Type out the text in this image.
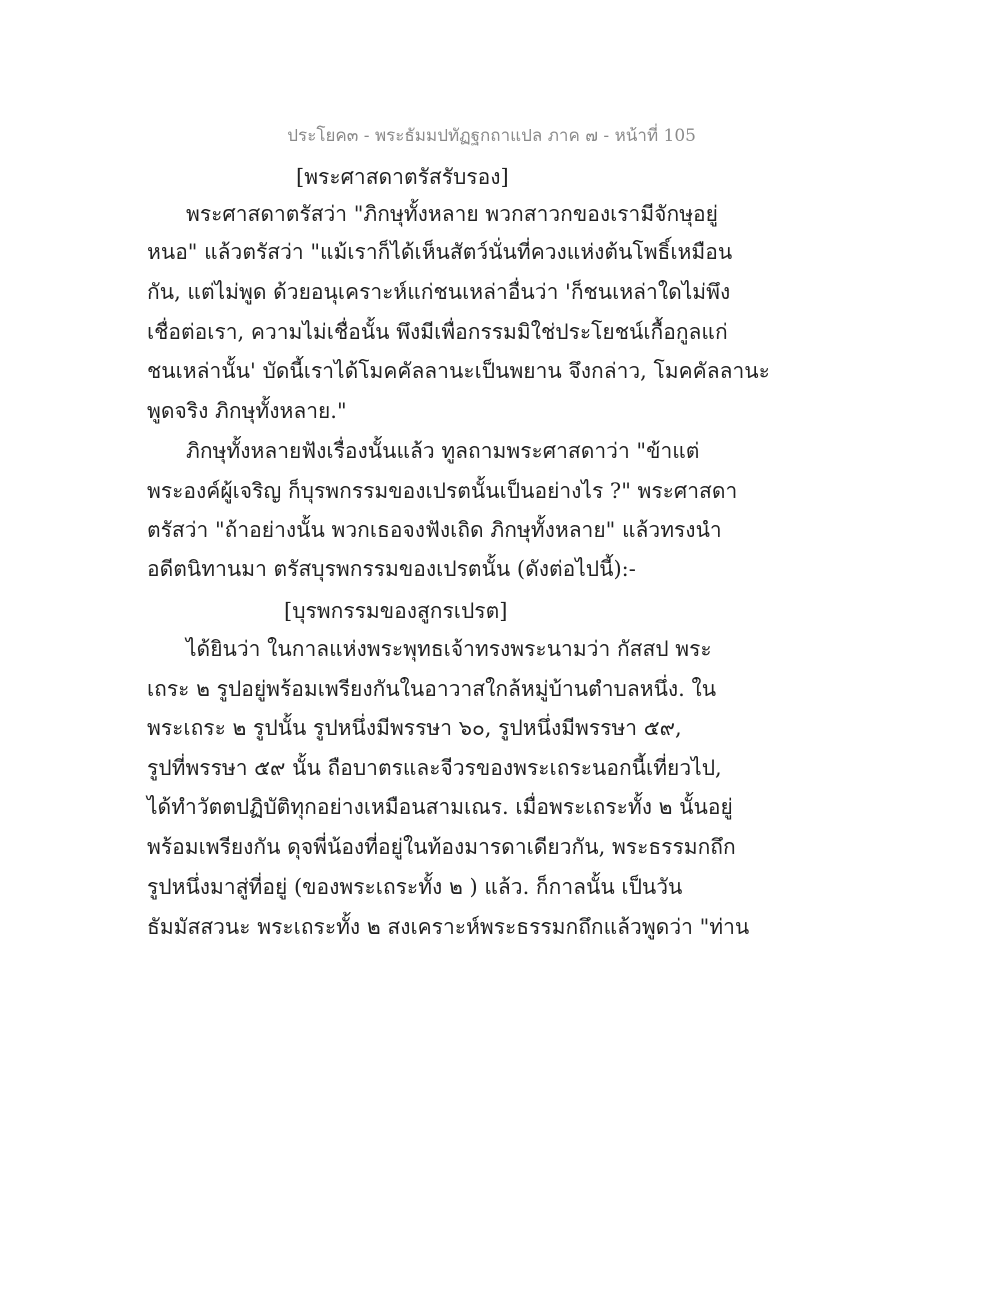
ประโยค๓ - พระธัมมปทัฏฐกถาแปล ภาค ๗ - หน้าที่ 105
[พระศาสดาตรัสรับรอง]
พระศาสดาตรัสว่า "ภิกษุทั้งหลาย พวกสาวกของเรามีจักษุอยู่
หนอ" แล้วตรัสว่า "แม้เราก็ได้เห็นสัตว์นั่นที่ควงแห่งต้นโพธิ์เหมือน
กัน, แต่ไม่พูด ด้วยอนุเคราะห์แก่ชนเหล่าอื่นว่า 'ก็ชนเหล่าใดไม่พึง
เชื่อต่อเรา, ความไม่เชื่อนั้น พึงมีเพื่อกรรมมิใช่ประโยชน์เกื้อกูลแก่
ชนเหล่านั้น' บัดนี้เราได้โมคคัลลานะเป็นพยาน จึงกล่าว, โมคคัลลานะ
พูดจริง ภิกษุทั้งหลาย."
ภิกษุทั้งหลายฟังเรื่องนั้นแล้ว ทูลถามพระศาสดาว่า "ข้าแต่
พระองค์ผู้เจริญ ก็บุรพกรรมของเปรตนั้นเป็นอย่างไร ?" พระศาสดา
ตรัสว่า "ถ้าอย่างนั้น พวกเธอจงฟังเถิด ภิกษุทั้งหลาย" แล้วทรงนำ
อดีตนิทานมา ตรัสบุรพกรรมของเปรตนั้น (ดังต่อไปนี้):-
[บุรพกรรมของสูกรเปรต]
ได้ยินว่า ในกาลแห่งพระพุทธเจ้าทรงพระนามว่า กัสสป พระ
เถระ ๒ รูปอยู่พร้อมเพรียงกันในอาวาสใกล้หมู่บ้านตำบลหนึ่ง. ใน
พระเถระ ๒ รูปนั้น รูปหนึ่งมีพรรษา ๖๐, รูปหนึ่งมีพรรษา ๕๙,
รูปที่พรรษา ๕๙ นั้น ถือบาตรและจีวรของพระเถระนอกนี้เที่ยวไป,
ได้ทำวัตตปฏิบัติทุกอย่างเหมือนสามเณร. เมื่อพระเถระทั้ง ๒ นั้นอยู่
พร้อมเพรียงกัน ดุจพี่น้องที่อยู่ในท้องมารดาเดียวกัน, พระธรรมกถึก
รูปหนึ่งมาสู่ที่อยู่ (ของพระเถระทั้ง ๒ ) แล้ว. ก็กาลนั้น เป็นวัน
ธัมมัสสวนะ พระเถระทั้ง ๒ สงเคราะห์พระธรรมกถึกแล้วพูดว่า "ท่าน
